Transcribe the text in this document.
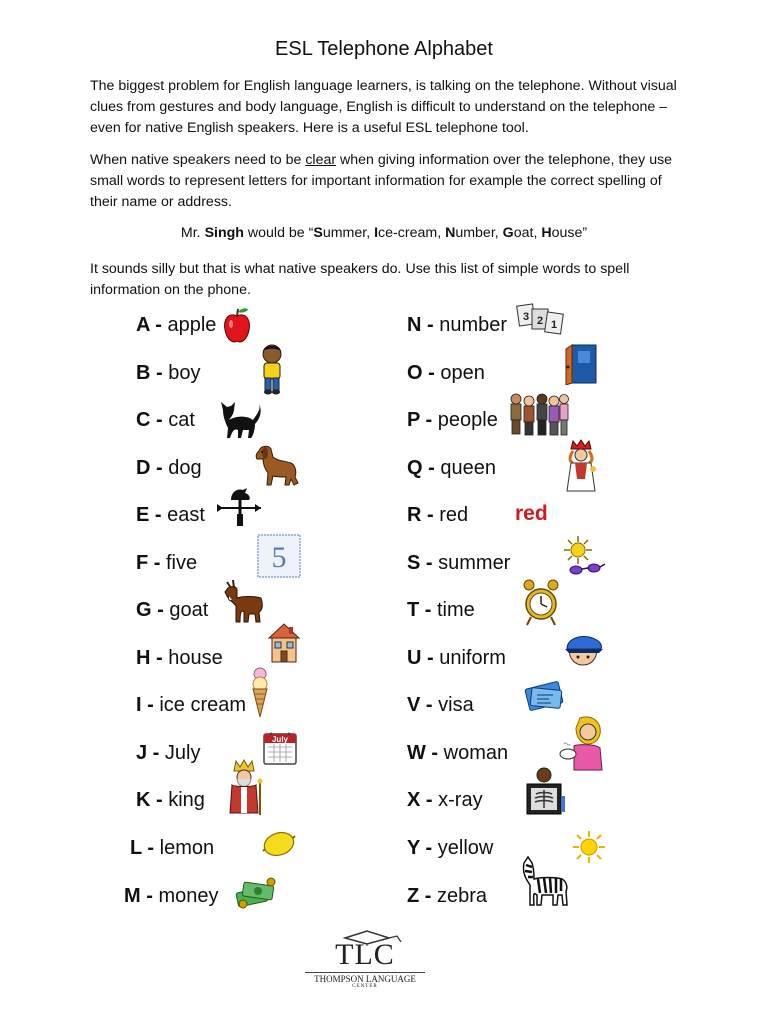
ESL Telephone Alphabet
The biggest problem for English language learners, is talking on the telephone. Without visual clues from gestures and body language, English is difficult to understand on the telephone – even for native English speakers. Here is a useful ESL telephone tool.
When native speakers need to be clear when giving information over the telephone, they use small words to represent letters for important information for example the correct spelling of their name or address.
Mr. Singh would be “Summer, Ice-cream, Number, Goat, House”
It sounds silly but that is what native speakers do. Use this list of simple words to spell information on the phone.
A - apple
B - boy
C - cat
D - dog
E - east
F - five
G - goat
H - house
I - ice cream
J - July
K - king
L - lemon
M - money
N - number
O - open
P - people
Q - queen
R - red
S - summer
T - time
U - uniform
V - visa
W - woman
X - x-ray
Y - yellow
Z - zebra
5
July
3 2 1
red
TLC
THOMPSON LANGUAGE
CENTER
